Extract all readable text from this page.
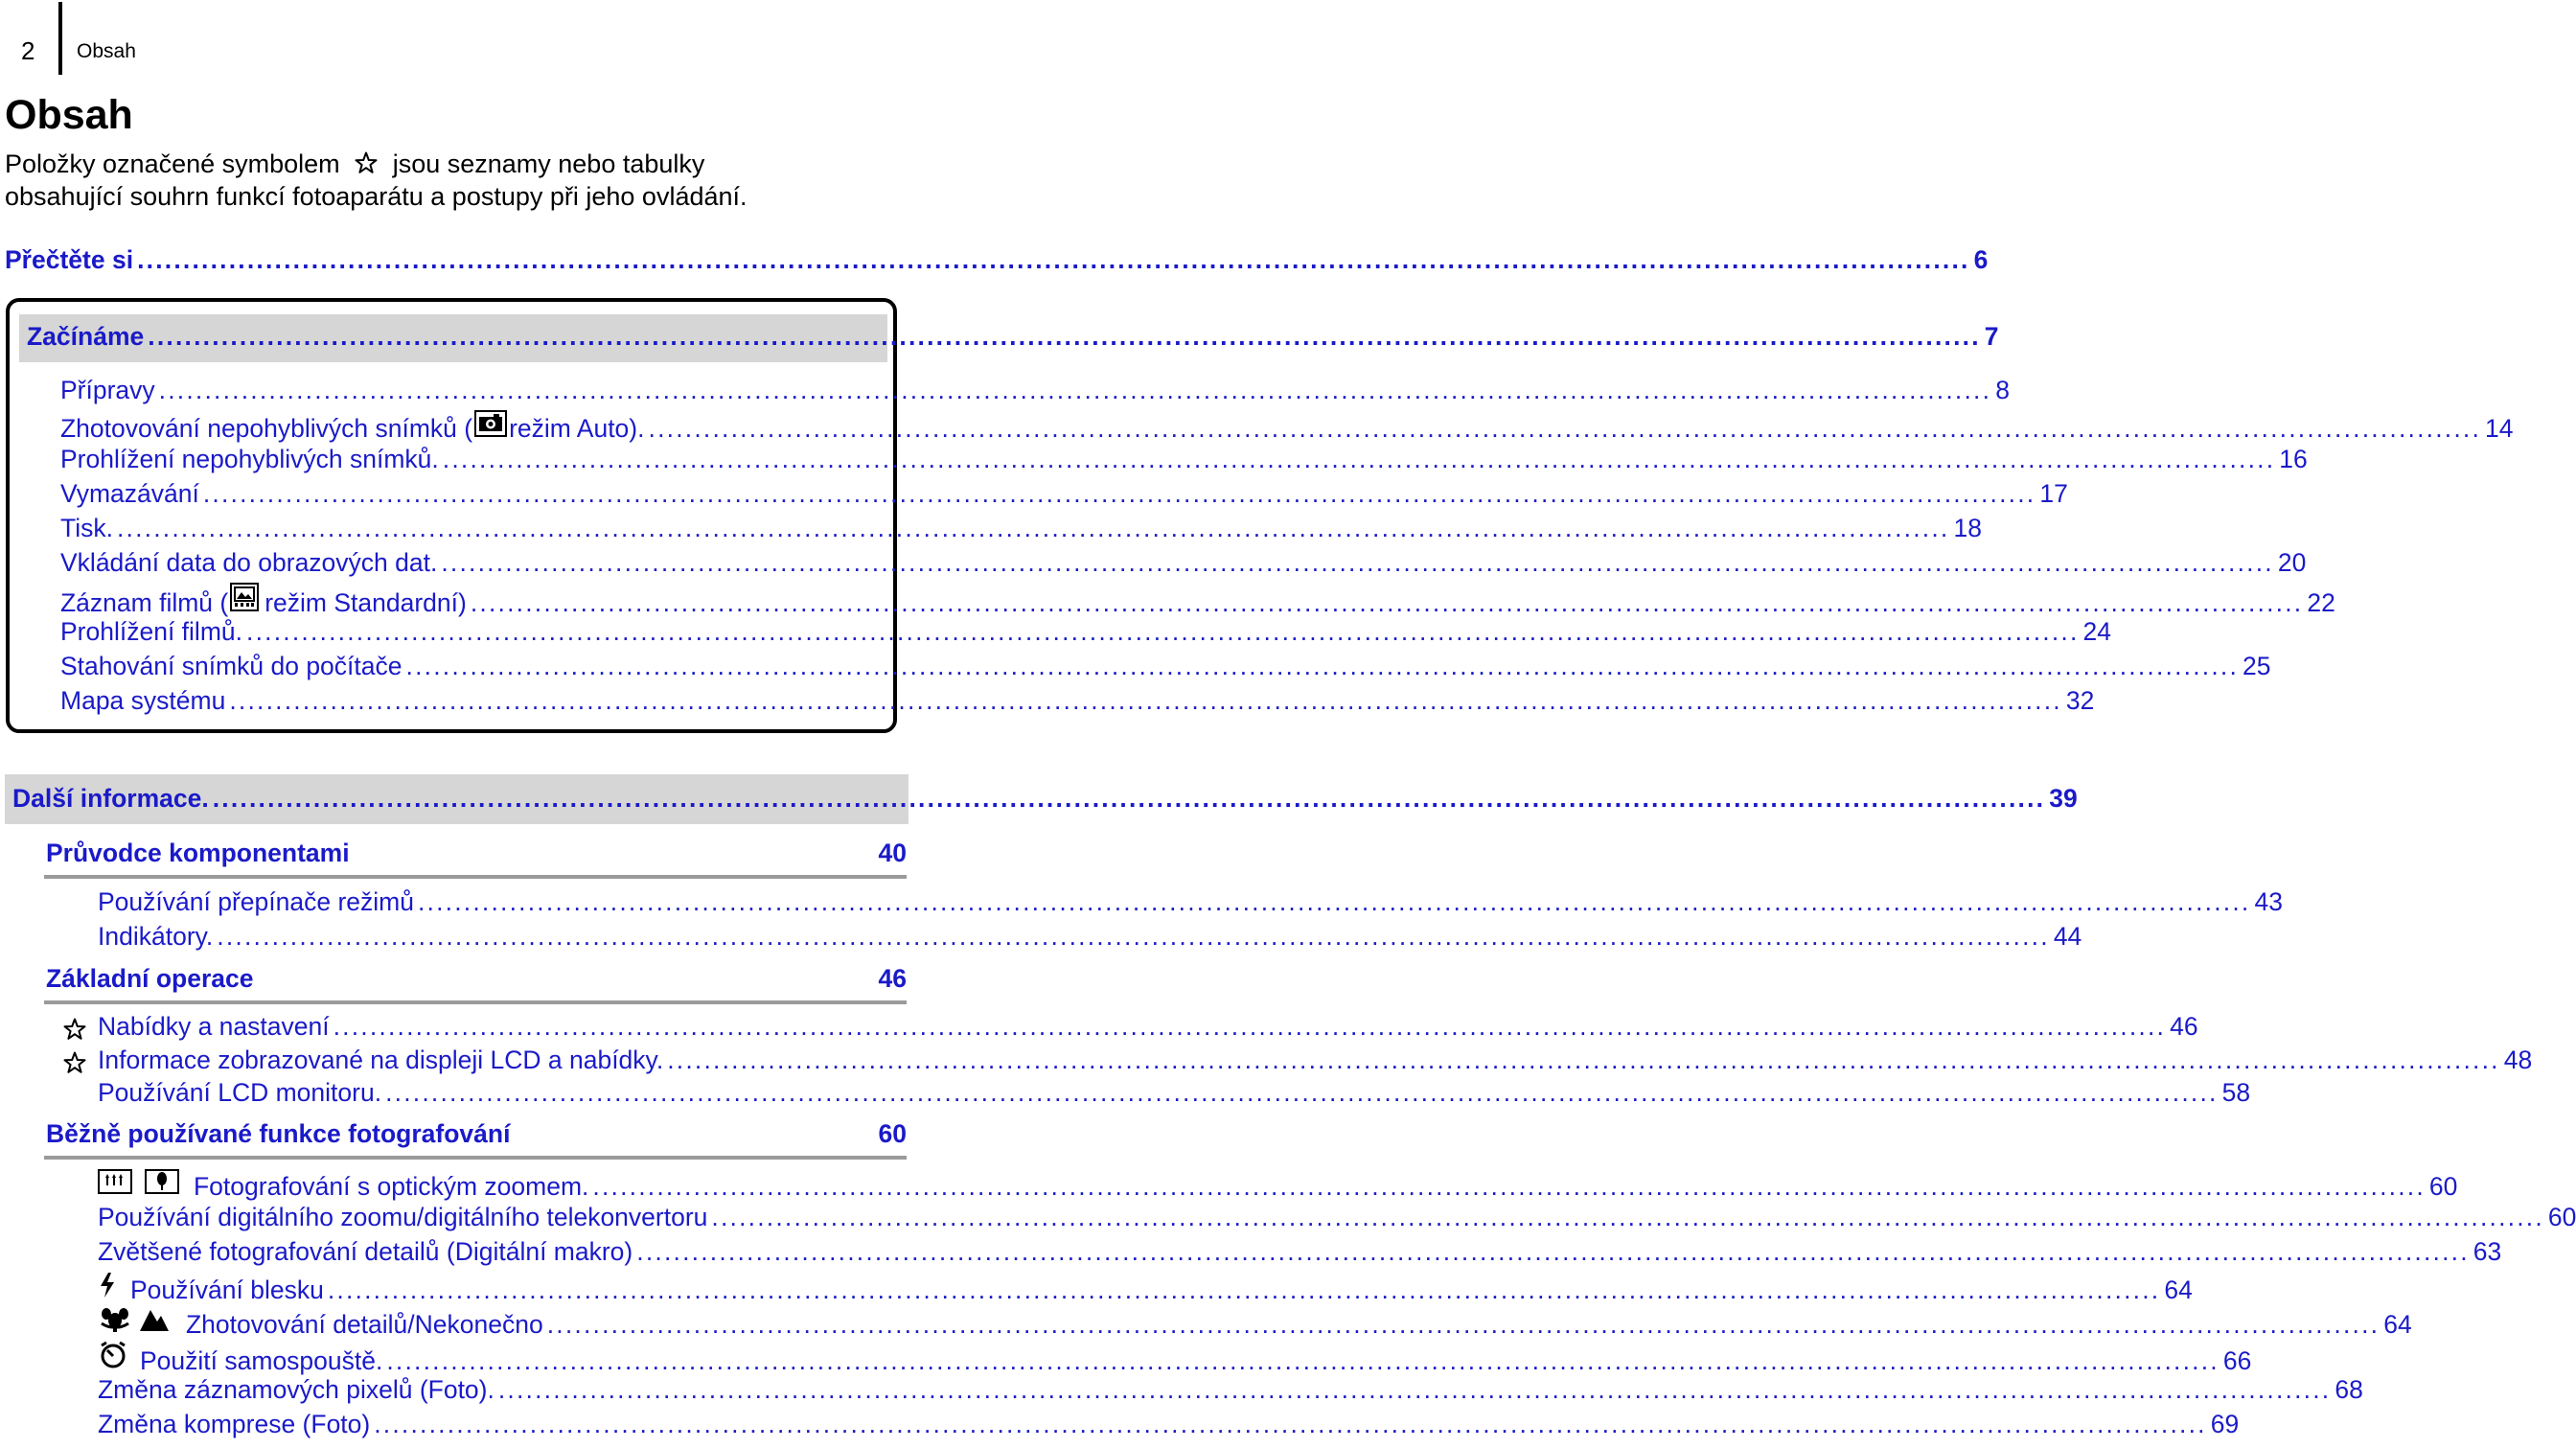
2 Obsah
Obsah
Položky označené symbolem jsou seznamy nebo tabulky
obsahující souhrn funkcí fotoaparátu a postupy při jeho ovládání.
Přečtěte si ........................................................................................................................................................................................................ 6
Začínáme ........................................................................................................................................................................................................ 7
Přípravy ........................................................................................................................................................................................................ 8
Zhotovování nepohyblivých snímků ( režim Auto). ........................................................................................................................................................................................................ 14
Prohlížení nepohyblivých snímků. ........................................................................................................................................................................................................ 16
Vymazávání ........................................................................................................................................................................................................ 17
Tisk. ........................................................................................................................................................................................................ 18
Vkládání data do obrazových dat. ........................................................................................................................................................................................................ 20
Záznam filmů ( režim Standardní) ........................................................................................................................................................................................................ 22
Prohlížení filmů. ........................................................................................................................................................................................................ 24
Stahování snímků do počítače ........................................................................................................................................................................................................ 25
Mapa systému ........................................................................................................................................................................................................ 32
Další informace. ........................................................................................................................................................................................................ 39
Průvodce komponentami	40
Používání přepínače režimů ........................................................................................................................................................................................................ 43
Indikátory. ........................................................................................................................................................................................................ 44
Základní operace	46
Nabídky a nastavení ........................................................................................................................................................................................................ 46
Informace zobrazované na displeji LCD a nabídky. ........................................................................................................................................................................................................ 48
Používání LCD monitoru. ........................................................................................................................................................................................................ 58
Běžně používané funkce fotografování	60
Fotografování s optickým zoomem. ........................................................................................................................................................................................................ 60
Používání digitálního zoomu/digitálního telekonvertoru ........................................................................................................................................................................................................ 60
Zvětšené fotografování detailů (Digitální makro) ........................................................................................................................................................................................................ 63
Používání blesku ........................................................................................................................................................................................................ 64
Zhotovování detailů/Nekonečno ........................................................................................................................................................................................................ 64
Použití samospouště. ........................................................................................................................................................................................................ 66
Změna záznamových pixelů (Foto). ........................................................................................................................................................................................................ 68
Změna komprese (Foto) ........................................................................................................................................................................................................ 69
